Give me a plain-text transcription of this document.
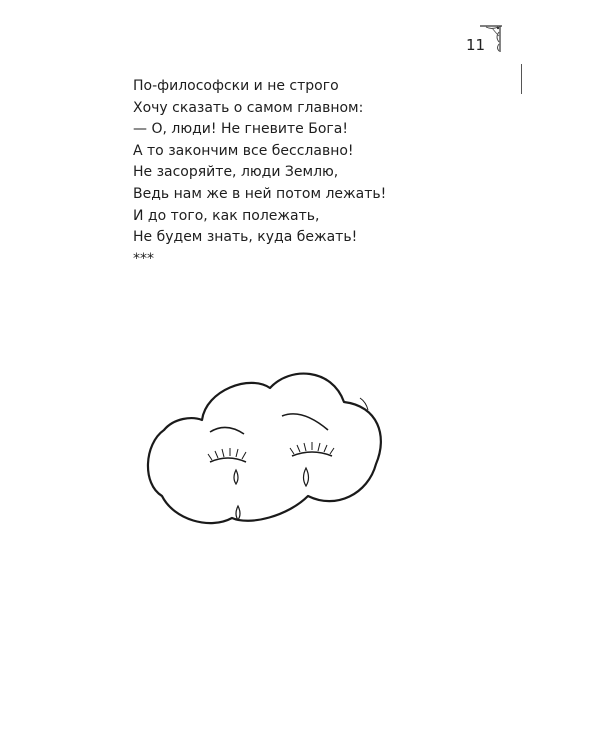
11
По-философски и не строго
Хочу сказать о самом главном:
— О, люди! Не гневите Бога!
А то закончим все бесславно!
Не засоряйте, люди Землю,
Ведь нам же в ней потом лежать!
И до того, как полежать,
Не будем знать, куда бежать!
***
